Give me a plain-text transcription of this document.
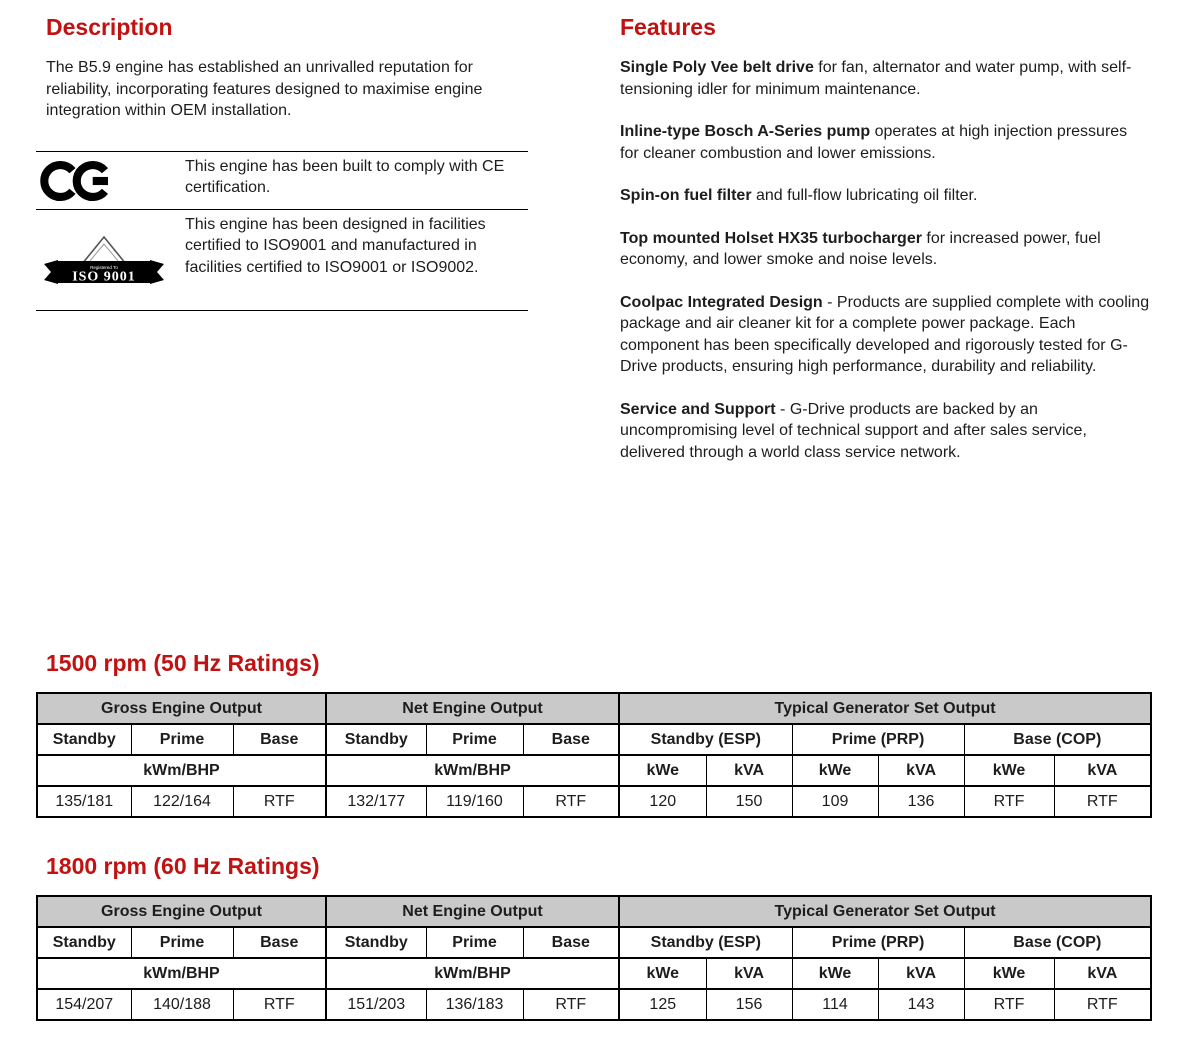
Description

The B5.9 engine has established an unrivalled reputation for reliability, incorporating features designed to maximise engine integration within OEM installation.

This engine has been built to comply with CE certification.
Registered To
ISO 9001
This engine has been designed in facilities certified to ISO9001 and manufactured in facilities certified to ISO9001 or ISO9002.
Features

Single Poly Vee belt drive for fan, alternator and water pump, with self-tensioning idler for minimum maintenance.

Inline-type Bosch A-Series pump operates at high injection pressures for cleaner combustion and lower emissions.

Spin-on fuel filter and full-flow lubricating oil filter.

Top mounted Holset HX35 turbocharger for increased power, fuel economy, and lower smoke and noise levels.

Coolpac Integrated Design - Products are supplied complete with cooling package and air cleaner kit for a complete power package. Each component has been specifically developed and rigorously tested for G-Drive products, ensuring high performance, durability and reliability.

Service and Support - G-Drive products are backed by an uncompromising level of technical support and after sales service, delivered through a world class service network.

1500 rpm (50 Hz Ratings)
Gross Engine Output			Net Engine Output			Typical Generator Set Output					
Standby	Prime	Base	Standby	Prime	Base	Standby (ESP)		Prime (PRP)		Base (COP)	
kWm/BHP			kWm/BHP			kWe	kVA	kWe	kVA	kWe	kVA
135/181	122/164	RTF	132/177	119/160	RTF	120	150	109	136	RTF	RTF
1800 rpm (60 Hz Ratings)
Gross Engine Output			Net Engine Output			Typical Generator Set Output					
Standby	Prime	Base	Standby	Prime	Base	Standby (ESP)		Prime (PRP)		Base (COP)	
kWm/BHP			kWm/BHP			kWe	kVA	kWe	kVA	kWe	kVA
154/207	140/188	RTF	151/203	136/183	RTF	125	156	114	143	RTF	RTF
